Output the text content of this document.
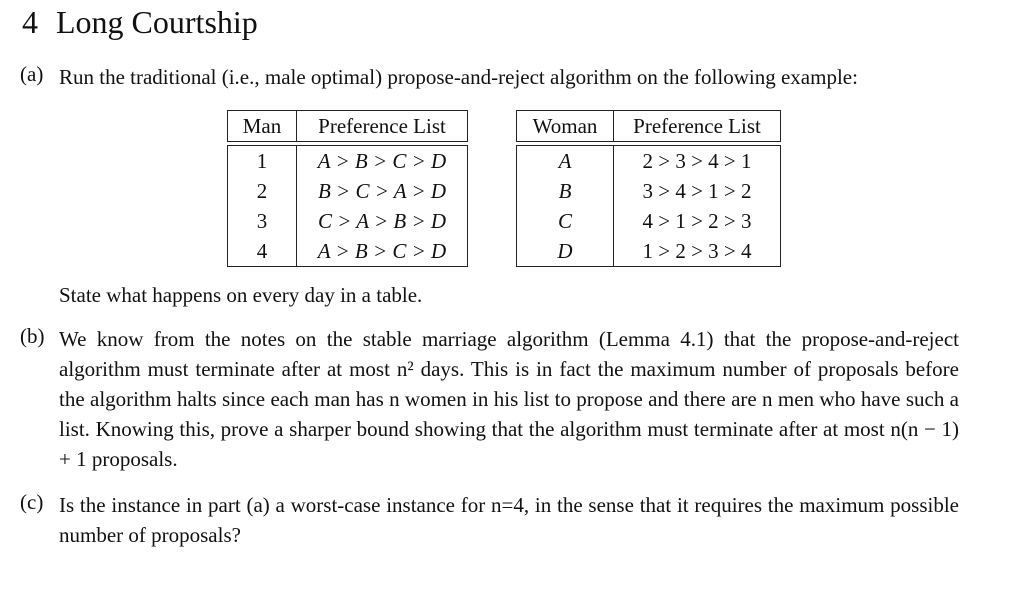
4 Long Courtship
(a) Run the traditional (i.e., male optimal) propose-and-reject algorithm on the following example:
Man	Preference List

1	A > B > C > D
2	B > C > A > D
3	C > A > B > D
4	A > B > C > D
Woman	Preference List

A	2 > 3 > 4 > 1
B	3 > 4 > 1 > 2
C	4 > 1 > 2 > 3
D	1 > 2 > 3 > 4
State what happens on every day in a table.
(b) We know from the notes on the stable marriage algorithm (Lemma 4.1) that the propose-and-reject algorithm must terminate after at most n² days. This is in fact the maximum number of proposals before the algorithm halts since each man has n women in his list to propose and there are n men who have such a list. Knowing this, prove a sharper bound showing that the algorithm must terminate after at most n(n − 1) + 1 proposals.
(c) Is the instance in part (a) a worst-case instance for n=4, in the sense that it requires the maximum possible number of proposals?
